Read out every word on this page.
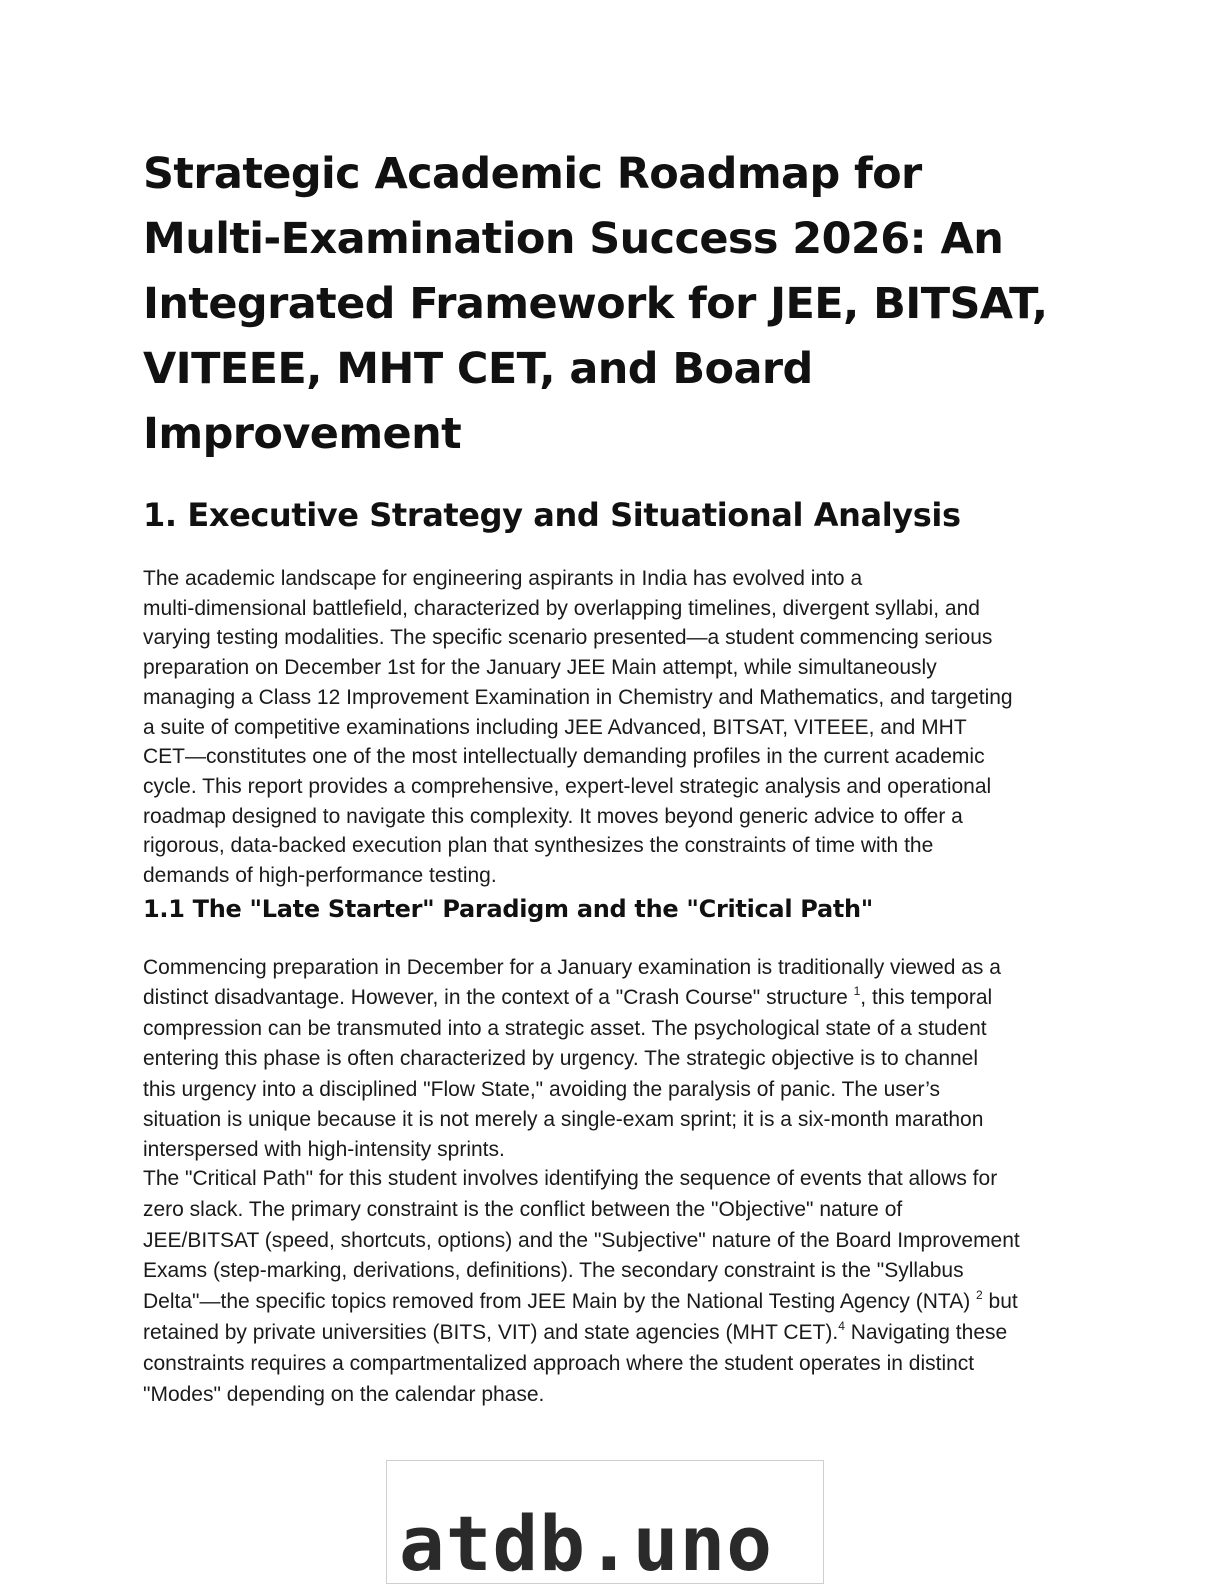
Strategic Academic Roadmap for
Multi-Examination Success 2026: An
Integrated Framework for JEE, BITSAT,
VITEEE, MHT CET, and Board
Improvement
1. Executive Strategy and Situational Analysis

The academic landscape for engineering aspirants in India has evolved into a
multi-dimensional battlefield, characterized by overlapping timelines, divergent syllabi, and
varying testing modalities. The specific scenario presented—a student commencing serious
preparation on December 1st for the January JEE Main attempt, while simultaneously
managing a Class 12 Improvement Examination in Chemistry and Mathematics, and targeting
a suite of competitive examinations including JEE Advanced, BITSAT, VITEEE, and MHT
CET—constitutes one of the most intellectually demanding profiles in the current academic
cycle. This report provides a comprehensive, expert-level strategic analysis and operational
roadmap designed to navigate this complexity. It moves beyond generic advice to offer a
rigorous, data-backed execution plan that synthesizes the constraints of time with the
demands of high-performance testing.

1.1 The "Late Starter" Paradigm and the "Critical Path"

Commencing preparation in December for a January examination is traditionally viewed as a
distinct disadvantage. However, in the context of a "Crash Course" structure $^1$, this temporal
compression can be transmuted into a strategic asset. The psychological state of a student
entering this phase is often characterized by urgency. The strategic objective is to channel
this urgency into a disciplined "Flow State," avoiding the paralysis of panic. The user’s
situation is unique because it is not merely a single-exam sprint; it is a six-month marathon
interspersed with high-intensity sprints.

The "Critical Path" for this student involves identifying the sequence of events that allows for
zero slack. The primary constraint is the conflict between the "Objective" nature of
JEE/BITSAT (speed, shortcuts, options) and the "Subjective" nature of the Board Improvement
Exams (step-marking, derivations, definitions). The secondary constraint is the "Syllabus
Delta"—the specific topics removed from JEE Main by the National Testing Agency (NTA) $^2$ but
retained by private universities (BITS, VIT) and state agencies (MHT CET).$^4$ Navigating these
constraints requires a compartmentalized approach where the student operates in distinct
"Modes" depending on the calendar phase.

atdb.uno
